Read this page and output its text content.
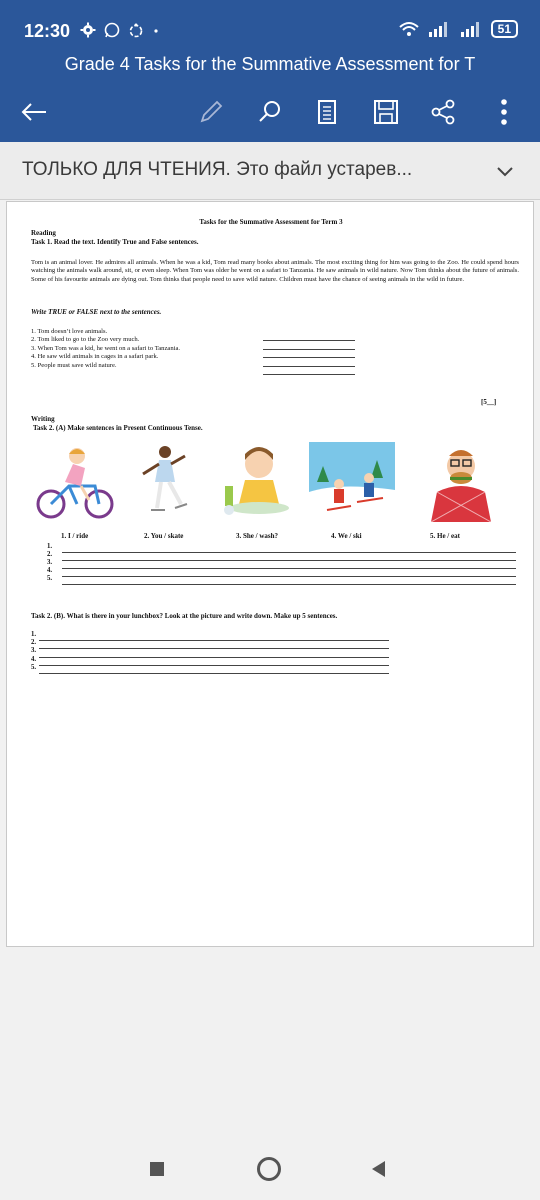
12:30	51
Grade 4 Tasks for the Summative Assessment for T
ТОЛЬКО ДЛЯ ЧТЕНИЯ. Это файл устарев...
Tasks for the Summative Assessment for Term 3
Reading
Task 1. Read the text. Identify True and False sentences.
Tom is an animal lover. He admires all animals. When he was a kid, Tom read many books about animals. The most exciting thing for him was going to the Zoo. He could spend hours watching the animals walk around, sit, or even sleep. When Tom was older he went on a safari to Tanzania. He saw animals in wild nature. Now Tom thinks about the future of animals. Some of his favourite animals are dying out. Tom thinks that people need to save wild nature. Children must have the chance of seeing animals in the wild in future.
Write TRUE or FALSE next to the sentences.
1. Tom doesn’t love animals.
2. Tom liked to go to the Zoo very much.
3. When Tom was a kid, he went on a safari to Tanzania.
4. He saw wild animals in cages in a safari park.
5. People must save wild nature.
[5__]
Writing
Task 2. (A) Make sentences in Present Continuous Tense.
1. I / ride	2. You / skate	3. She / wash?	4. We / ski	5. He / eat
1.
2.
3.
4.
5.
Task 2. (B). What is there in your lunchbox? Look at the picture and write down. Make up 5 sentences.
1.
2.
3.
4.
5.
